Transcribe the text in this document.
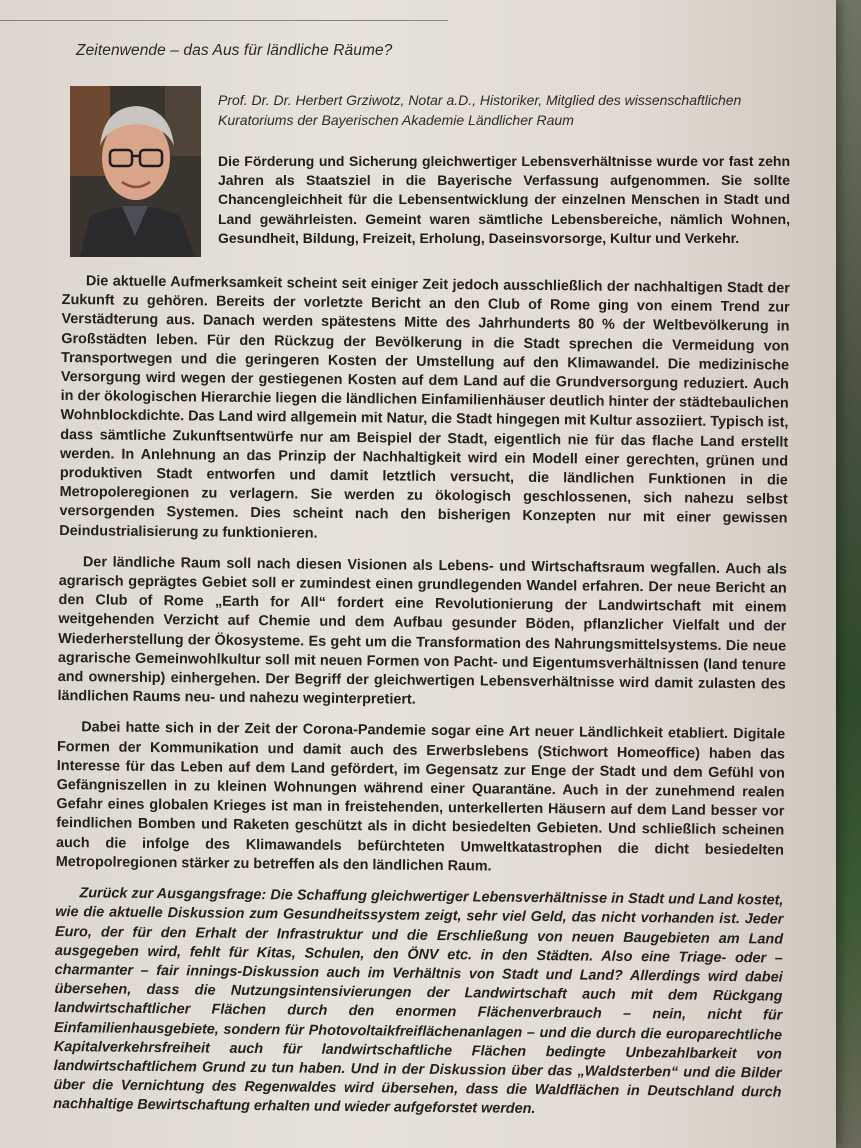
Zeitenwende – das Aus für ländliche Räume?
Prof. Dr. Dr. Herbert Grziwotz, Notar a.D., Historiker, Mitglied des wissenschaftlichen Kuratoriums der Bayerischen Akademie Ländlicher Raum
Die Förderung und Sicherung gleichwertiger Lebensverhältnisse wurde vor fast zehn Jahren als Staatsziel in die Bayerische Verfassung aufgenommen. Sie sollte Chancengleichheit für die Lebensentwicklung der einzelnen Menschen in Stadt und Land gewährleisten. Gemeint waren sämtliche Lebensbereiche, nämlich Wohnen, Gesundheit, Bildung, Freizeit, Erholung, Daseinsvorsorge, Kultur und Verkehr.

Die aktuelle Aufmerksamkeit scheint seit einiger Zeit jedoch ausschließlich der nachhaltigen Stadt der Zukunft zu gehören. Bereits der vorletzte Bericht an den Club of Rome ging von einem Trend zur Verstädterung aus. Danach werden spätestens Mitte des Jahrhunderts 80 % der Weltbevölkerung in Großstädten leben. Für den Rückzug der Bevölkerung in die Stadt sprechen die Vermeidung von Transportwegen und die geringeren Kosten der Umstellung auf den Klimawandel. Die medizinische Versorgung wird wegen der gestiegenen Kosten auf dem Land auf die Grundversorgung reduziert. Auch in der ökologischen Hierarchie liegen die ländlichen Einfamilienhäuser deutlich hinter der städtebaulichen Wohnblockdichte. Das Land wird allgemein mit Natur, die Stadt hingegen mit Kultur assoziiert. Typisch ist, dass sämtliche Zukunftsentwürfe nur am Beispiel der Stadt, eigentlich nie für das flache Land erstellt werden. In Anlehnung an das Prinzip der Nachhaltigkeit wird ein Modell einer gerechten, grünen und produktiven Stadt entworfen und damit letztlich versucht, die ländlichen Funktionen in die Metropoleregionen zu verlagern. Sie werden zu ökologisch geschlossenen, sich nahezu selbst versorgenden Systemen. Dies scheint nach den bisherigen Konzepten nur mit einer gewissen Deindustrialisierung zu funktionieren.

Der ländliche Raum soll nach diesen Visionen als Lebens- und Wirtschaftsraum wegfallen. Auch als agrarisch geprägtes Gebiet soll er zumindest einen grundlegenden Wandel erfahren. Der neue Bericht an den Club of Rome „Earth for All“ fordert eine Revolutionierung der Landwirtschaft mit einem weitgehenden Verzicht auf Chemie und dem Aufbau gesunder Böden, pflanzlicher Vielfalt und der Wiederherstellung der Ökosysteme. Es geht um die Transformation des Nahrungsmittelsystems. Die neue agrarische Gemeinwohlkultur soll mit neuen Formen von Pacht- und Eigentumsverhältnissen (land tenure and ownership) einhergehen. Der Begriff der gleichwertigen Lebensverhältnisse wird damit zulasten des ländlichen Raums neu- und nahezu weginterpretiert.

Dabei hatte sich in der Zeit der Corona-Pandemie sogar eine Art neuer Ländlichkeit etabliert. Digitale Formen der Kommunikation und damit auch des Erwerbslebens (Stichwort Homeoffice) haben das Interesse für das Leben auf dem Land gefördert, im Gegensatz zur Enge der Stadt und dem Gefühl von Gefängniszellen in zu kleinen Wohnungen während einer Quarantäne. Auch in der zunehmend realen Gefahr eines globalen Krieges ist man in freistehenden, unterkellerten Häusern auf dem Land besser vor feindlichen Bomben und Raketen geschützt als in dicht besiedelten Gebieten. Und schließlich scheinen auch die infolge des Klimawandels befürchteten Umweltkatastrophen die dicht besiedelten Metropolregionen stärker zu betreffen als den ländlichen Raum.

Zurück zur Ausgangsfrage: Die Schaffung gleichwertiger Lebensverhältnisse in Stadt und Land kostet, wie die aktuelle Diskussion zum Gesundheitssystem zeigt, sehr viel Geld, das nicht vorhanden ist. Jeder Euro, der für den Erhalt der Infrastruktur und die Erschließung von neuen Baugebieten am Land ausgegeben wird, fehlt für Kitas, Schulen, den ÖNV etc. in den Städten. Also eine Triage- oder – charmanter – fair innings-Diskussion auch im Verhältnis von Stadt und Land? Allerdings wird dabei übersehen, dass die Nutzungsintensivierungen der Landwirtschaft auch mit dem Rückgang landwirtschaftlicher Flächen durch den enormen Flächenverbrauch – nein, nicht für Einfamilienhausgebiete, sondern für Photovoltaikfreiflächenanlagen – und die durch die europarechtliche Kapitalverkehrsfreiheit auch für landwirtschaftliche Flächen bedingte Unbezahlbarkeit von landwirtschaftlichem Grund zu tun haben. Und in der Diskussion über das „Waldsterben“ und die Bilder über die Vernichtung des Regenwaldes wird übersehen, dass die Waldflächen in Deutschland durch nachhaltige Bewirtschaftung erhalten und wieder aufgeforstet werden.
